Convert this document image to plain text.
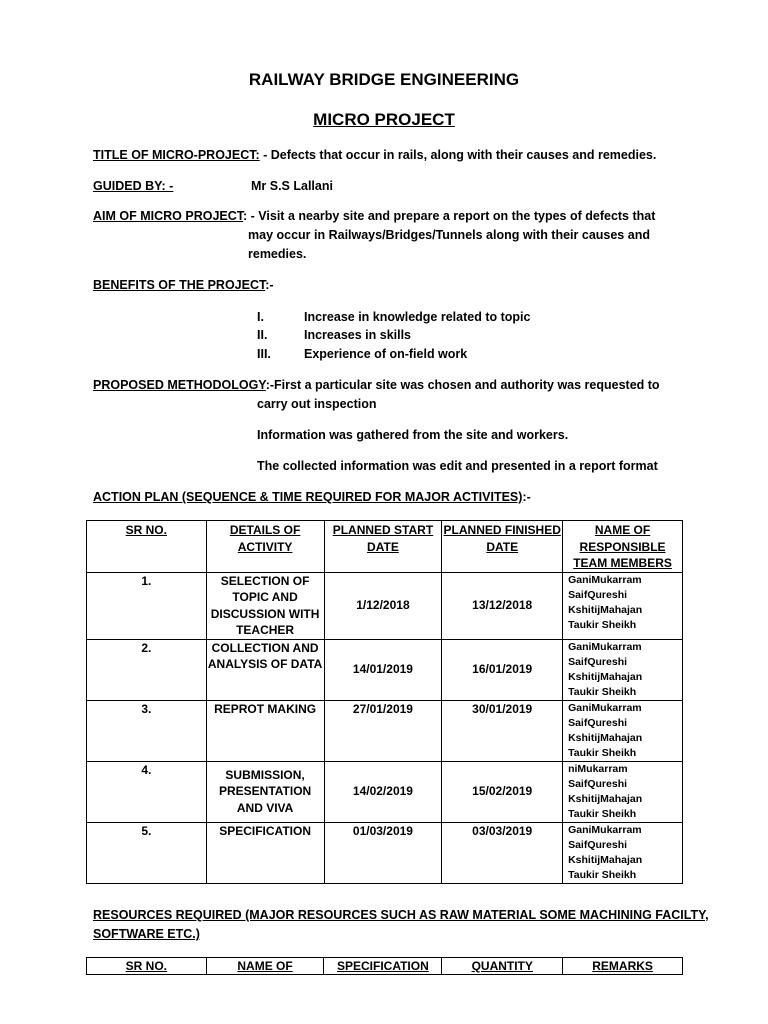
RAILWAY BRIDGE ENGINEERING
MICRO PROJECT
TITLE OF MICRO-PROJECT: - Defects that occur in rails, along with their causes and remedies.
GUIDED BY: -	Mr S.S Lallani
AIM OF MICRO PROJECT: - Visit a nearby site and prepare a report on the types of defects that
may occur in Railways/Bridges/Tunnels along with their causes and
remedies.
BENEFITS OF THE PROJECT:-
I.	Increase in knowledge related to topic
II.	Increases in skills
III.	Experience of on-field work
PROPOSED METHODOLOGY:-First a particular site was chosen and authority was requested to
carry out inspection
Information was gathered from the site and workers.
The collected information was edit and presented in a report format
ACTION PLAN (SEQUENCE & TIME REQUIRED FOR MAJOR ACTIVITES):-
SR NO.	DETAILS OF ACTIVITY	PLANNED START DATE	PLANNED FINISHED DATE	NAME OF RESPONSIBLE TEAM MEMBERS
1.	SELECTION OF TOPIC AND DISCUSSION WITH TEACHER	1/12/2018	13/12/2018	GaniMukarram
SaifQureshi
KshitijMahajan
Taukir Sheikh

2.	COLLECTION AND ANALYSIS OF DATA	14/01/2019	16/01/2019	GaniMukarram
SaifQureshi
KshitijMahajan
Taukir Sheikh

3.	REPROT MAKING	27/01/2019	30/01/2019	GaniMukarram
SaifQureshi
KshitijMahajan
Taukir Sheikh

4.	SUBMISSION, PRESENTATION AND VIVA	14/02/2019	15/02/2019	niMukarram
SaifQureshi
KshitijMahajan
Taukir Sheikh

5.	SPECIFICATION	01/03/2019	03/03/2019	GaniMukarram
SaifQureshi
KshitijMahajan
Taukir Sheikh
RESOURCES REQUIRED (MAJOR RESOURCES SUCH AS RAW MATERIAL SOME MACHINING FACILTY,
SOFTWARE ETC.)
SR NO.	NAME OF	SPECIFICATION	QUANTITY	REMARKS
